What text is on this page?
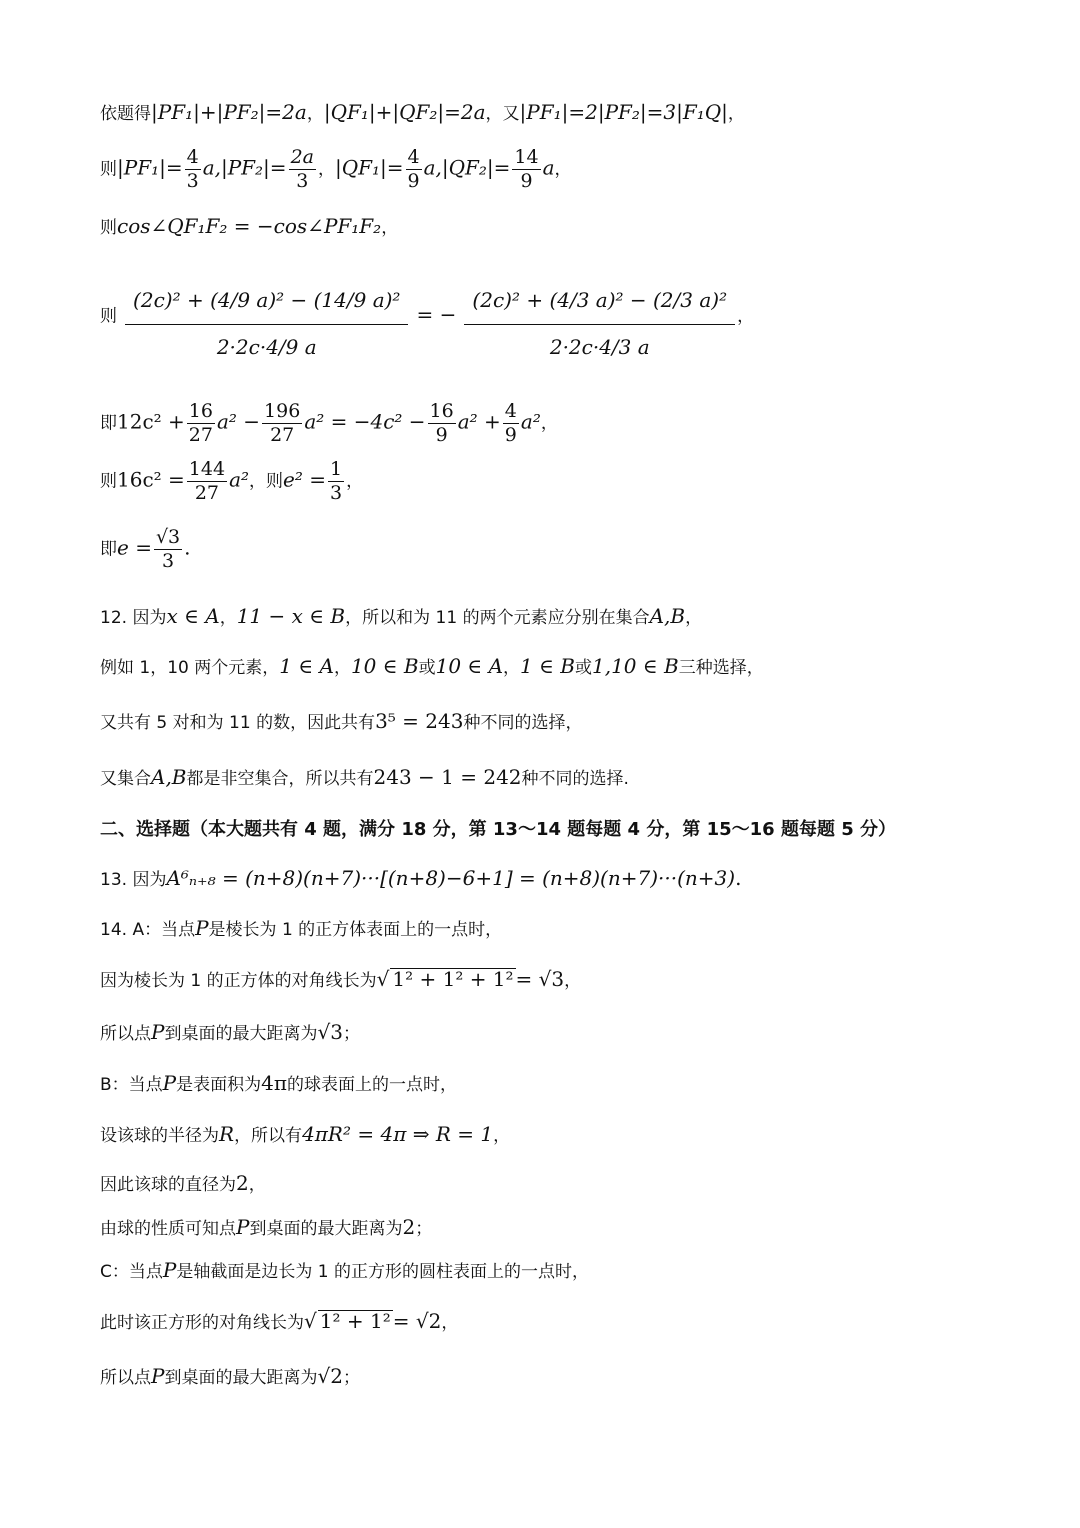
依题得|PF₁|+|PF₂|=2a，|QF₁|+|QF₂|=2a，又|PF₁|=2|PF₂|=3|F₁Q|，
则$|PF_1|= \frac{4}{3} a,|PF_2|= \frac{2a}{3}$ ，$|QF_1|= \frac{4}{9} a,|QF_2|= \frac{14}{9}$ a，
则cos∠QF₁F₂ = −cos∠PF₁F₂，
则 $\frac{\text{(2c)² + (4/9 a)² − (14/9 a)²}}{2\cdot 2c\cdot 4/9 a}$ = − $\frac{\text{(2c)² + (4/3 a)² − (2/3 a)²}}{2\cdot 2c\cdot 4/3 a}$ ，
即$12c^2 + \frac{16}{27} a^2 - \frac{196}{27} a^2 = -4c^2 - \frac{16}{9} a^2 + \frac{4}{9} a^2$，
则$16c^2 = \frac{144}{27} a^2$，则$e^2 = \frac{1}{3}$ ，
即$e = \frac{√3}{3}$ .
12. 因为x ∈ A，11 − x ∈ B，所以和为 11 的两个元素应分别在集合A,B，
例如 1，10 两个元素，1 ∈ A，10 ∈ B或10 ∈ A，1 ∈ B或1,10 ∈ B三种选择，
又共有 5 对和为 11 的数，因此共有3⁵ = 243种不同的选择，
又集合A,B都是非空集合，所以共有243 − 1 = 242种不同的选择.
二、选择题（本大题共有 4 题，满分 18 分，第 13～14 题每题 4 分，第 15～16 题每题 5 分）
13. 因为A⁶ₙ₊₈ = (n+8)(n+7)···[(n+8)−6+1] = (n+8)(n+7)···(n+3).
14. A：当点P是棱长为 1 的正方体表面上的一点时，
因为棱长为 1 的正方体的对角线长为√ 1² + 1² + 1² = √3，
所以点P到桌面的最大距离为√3；
B：当点P是表面积为4π的球表面上的一点时，
设该球的半径为R，所以有4πR² = 4π ⇒ R = 1，
因此该球的直径为2，
由球的性质可知点P到桌面的最大距离为2；
C：当点P是轴截面是边长为 1 的正方形的圆柱表面上的一点时，
此时该正方形的对角线长为√ 1² + 1² = √2，
所以点P到桌面的最大距离为√2；
